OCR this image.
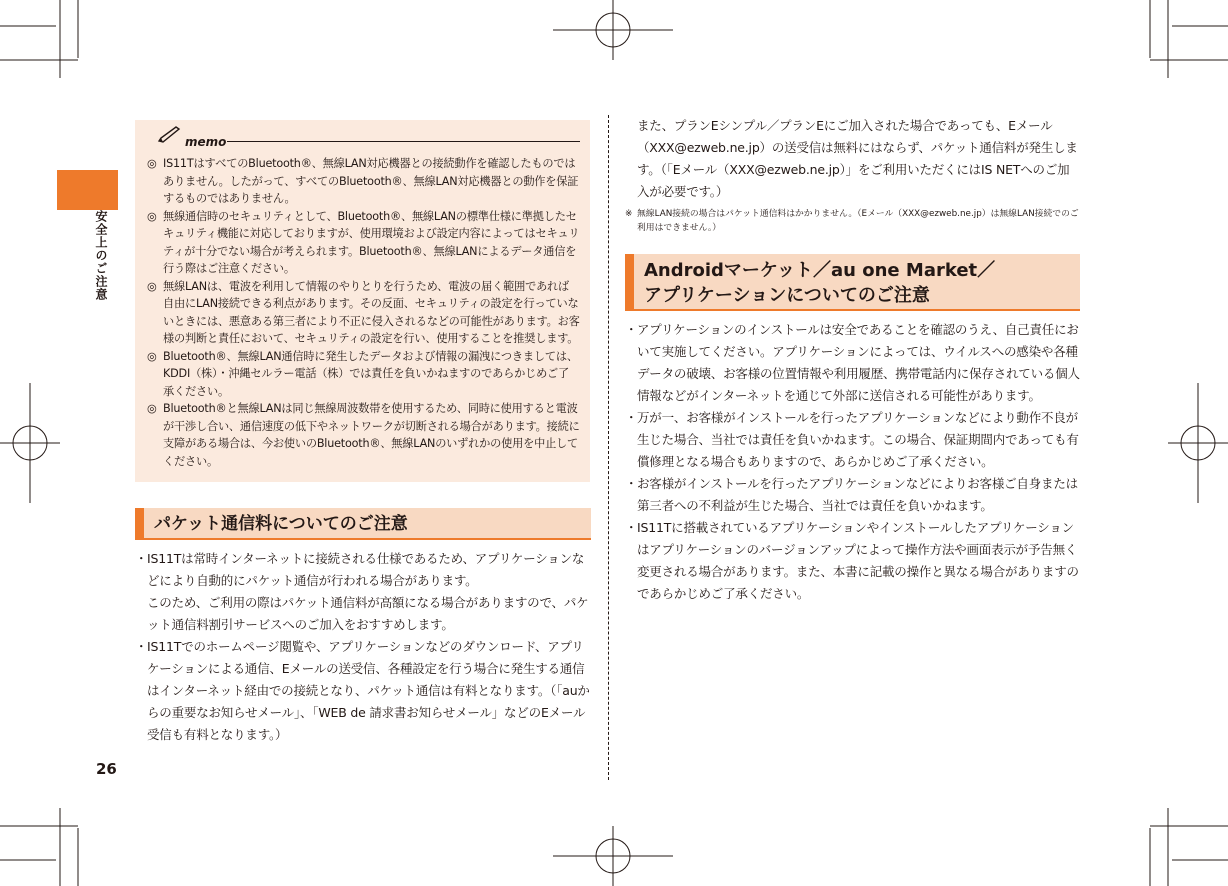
安全上のご注意
26
memo
◎ IS11TはすべてのBluetooth®、無線LAN対応機器との接続動作を確認したものではありません。したがって、すべてのBluetooth®、無線LAN対応機器との動作を保証するものではありません。
◎ 無線通信時のセキュリティとして、Bluetooth®、無線LANの標準仕様に準拠したセキュリティ機能に対応しておりますが、使用環境および設定内容によってはセキュリティが十分でない場合が考えられます。Bluetooth®、無線LANによるデータ通信を行う際はご注意ください。
◎ 無線LANは、電波を利用して情報のやりとりを行うため、電波の届く範囲であれば自由にLAN接続できる利点があります。その反面、セキュリティの設定を行っていないときには、悪意ある第三者により不正に侵入されるなどの可能性があります。お客様の判断と責任において、セキュリティの設定を行い、使用することを推奨します。
◎ Bluetooth®、無線LAN通信時に発生したデータおよび情報の漏洩につきましては、KDDI（株）・沖縄セルラー電話（株）では責任を負いかねますのであらかじめご了承ください。
◎ Bluetooth®と無線LANは同じ無線周波数帯を使用するため、同時に使用すると電波が干渉し合い、通信速度の低下やネットワークが切断される場合があります。接続に支障がある場合は、今お使いのBluetooth®、無線LANのいずれかの使用を中止してください。
パケット通信料についてのご注意
・ IS11Tは常時インターネットに接続される仕様であるため、アプリケーションなどにより自動的にパケット通信が行われる場合があります。

このため、ご利用の際はパケット通信料が高額になる場合がありますので、パケット通信料割引サービスへのご加入をおすすめします。

・ IS11Tでのホームページ閲覧や、アプリケーションなどのダウンロード、アプリケーションによる通信、Eメールの送受信、各種設定を行う場合に発生する通信はインターネット経由での接続となり、パケット通信は有料となります。（「auからの重要なお知らせメール」、「WEB de 請求書お知らせメール」などのEメール受信も有料となります。）

また、プランEシンプル／プランEにご加入された場合であっても、Eメール（XXX@ezweb.ne.jp）の送受信は無料にはならず、パケット通信料が発生します。（「Eメール（XXX@ezweb.ne.jp）」をご利用いただくにはIS NETへのご加入が必要です。）

※ 無線LAN接続の場合はパケット通信料はかかりません。（Eメール（XXX@ezweb.ne.jp）は無線LAN接続でのご利用はできません。）
Androidマーケット／au one Market／
アプリケーションについてのご注意
・ アプリケーションのインストールは安全であることを確認のうえ、自己責任において実施してください。アプリケーションによっては、ウイルスへの感染や各種データの破壊、お客様の位置情報や利用履歴、携帯電話内に保存されている個人情報などがインターネットを通じて外部に送信される可能性があります。
・ 万が一、お客様がインストールを行ったアプリケーションなどにより動作不良が生じた場合、当社では責任を負いかねます。この場合、保証期間内であっても有償修理となる場合もありますので、あらかじめご了承ください。
・ お客様がインストールを行ったアプリケーションなどによりお客様ご自身または第三者への不利益が生じた場合、当社では責任を負いかねます。
・ IS11Tに搭載されているアプリケーションやインストールしたアプリケーションはアプリケーションのバージョンアップによって操作方法や画面表示が予告無く変更される場合があります。また、本書に記載の操作と異なる場合がありますのであらかじめご了承ください。
